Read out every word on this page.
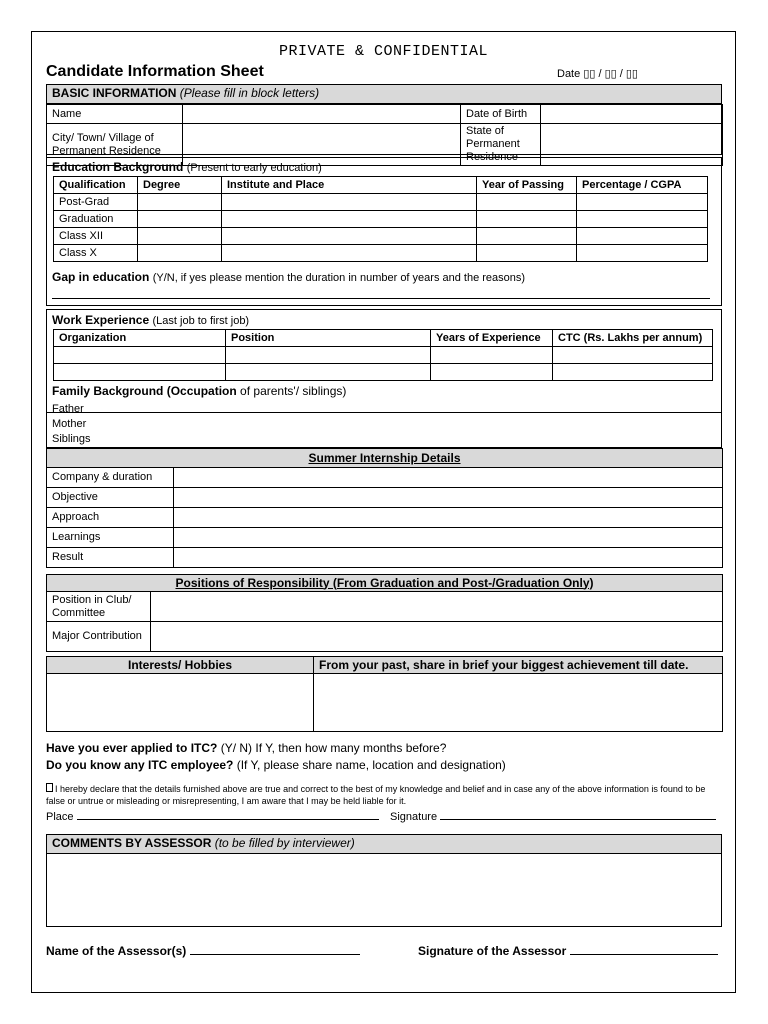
PRIVATE & CONFIDENTIAL
Candidate Information Sheet	Date ▯▯ / ▯▯ / ▯▯
BASIC INFORMATION (Please fill in block letters)
Name		Date of Birth	
City/ Town/ Village of Permanent Residence		State of Permanent Residence	
Education Background (Present to early education)
Qualification	Degree	Institute and Place	Year of Passing	Percentage / CGPA
Post-Grad				
Graduation				
Class XII				
Class X				
Gap in education (Y/N, if yes please mention the duration in number of years and the reasons)
Work Experience (Last job to first job)
Organization	Position	Years of Experience	CTC (Rs. Lakhs per annum)

Family Background (Occupation of parents'/ siblings)
Father
Mother
Siblings
Summer Internship Details	
Company & duration	
Objective	
Approach	
Learnings	
Result	
Positions of Responsibility (From Graduation and Post-/Graduation Only)	
Position in Club/ Committee	
Major Contribution	
Interests/ Hobbies	From your past, share in brief your biggest achievement till date.

Have you ever applied to ITC? (Y/ N) If Y, then how many months before?
Do you know any ITC employee? (If Y, please share name, location and designation)
I hereby declare that the details furnished above are true and correct to the best of my knowledge and belief and in case any of the above information is found to be false or untrue or misleading or misrepresenting, I am aware that I may be held liable for it.
Place	Signature
COMMENTS BY ASSESSOR (to be filled by interviewer)
Name of the Assessor(s)	Signature of the Assessor
